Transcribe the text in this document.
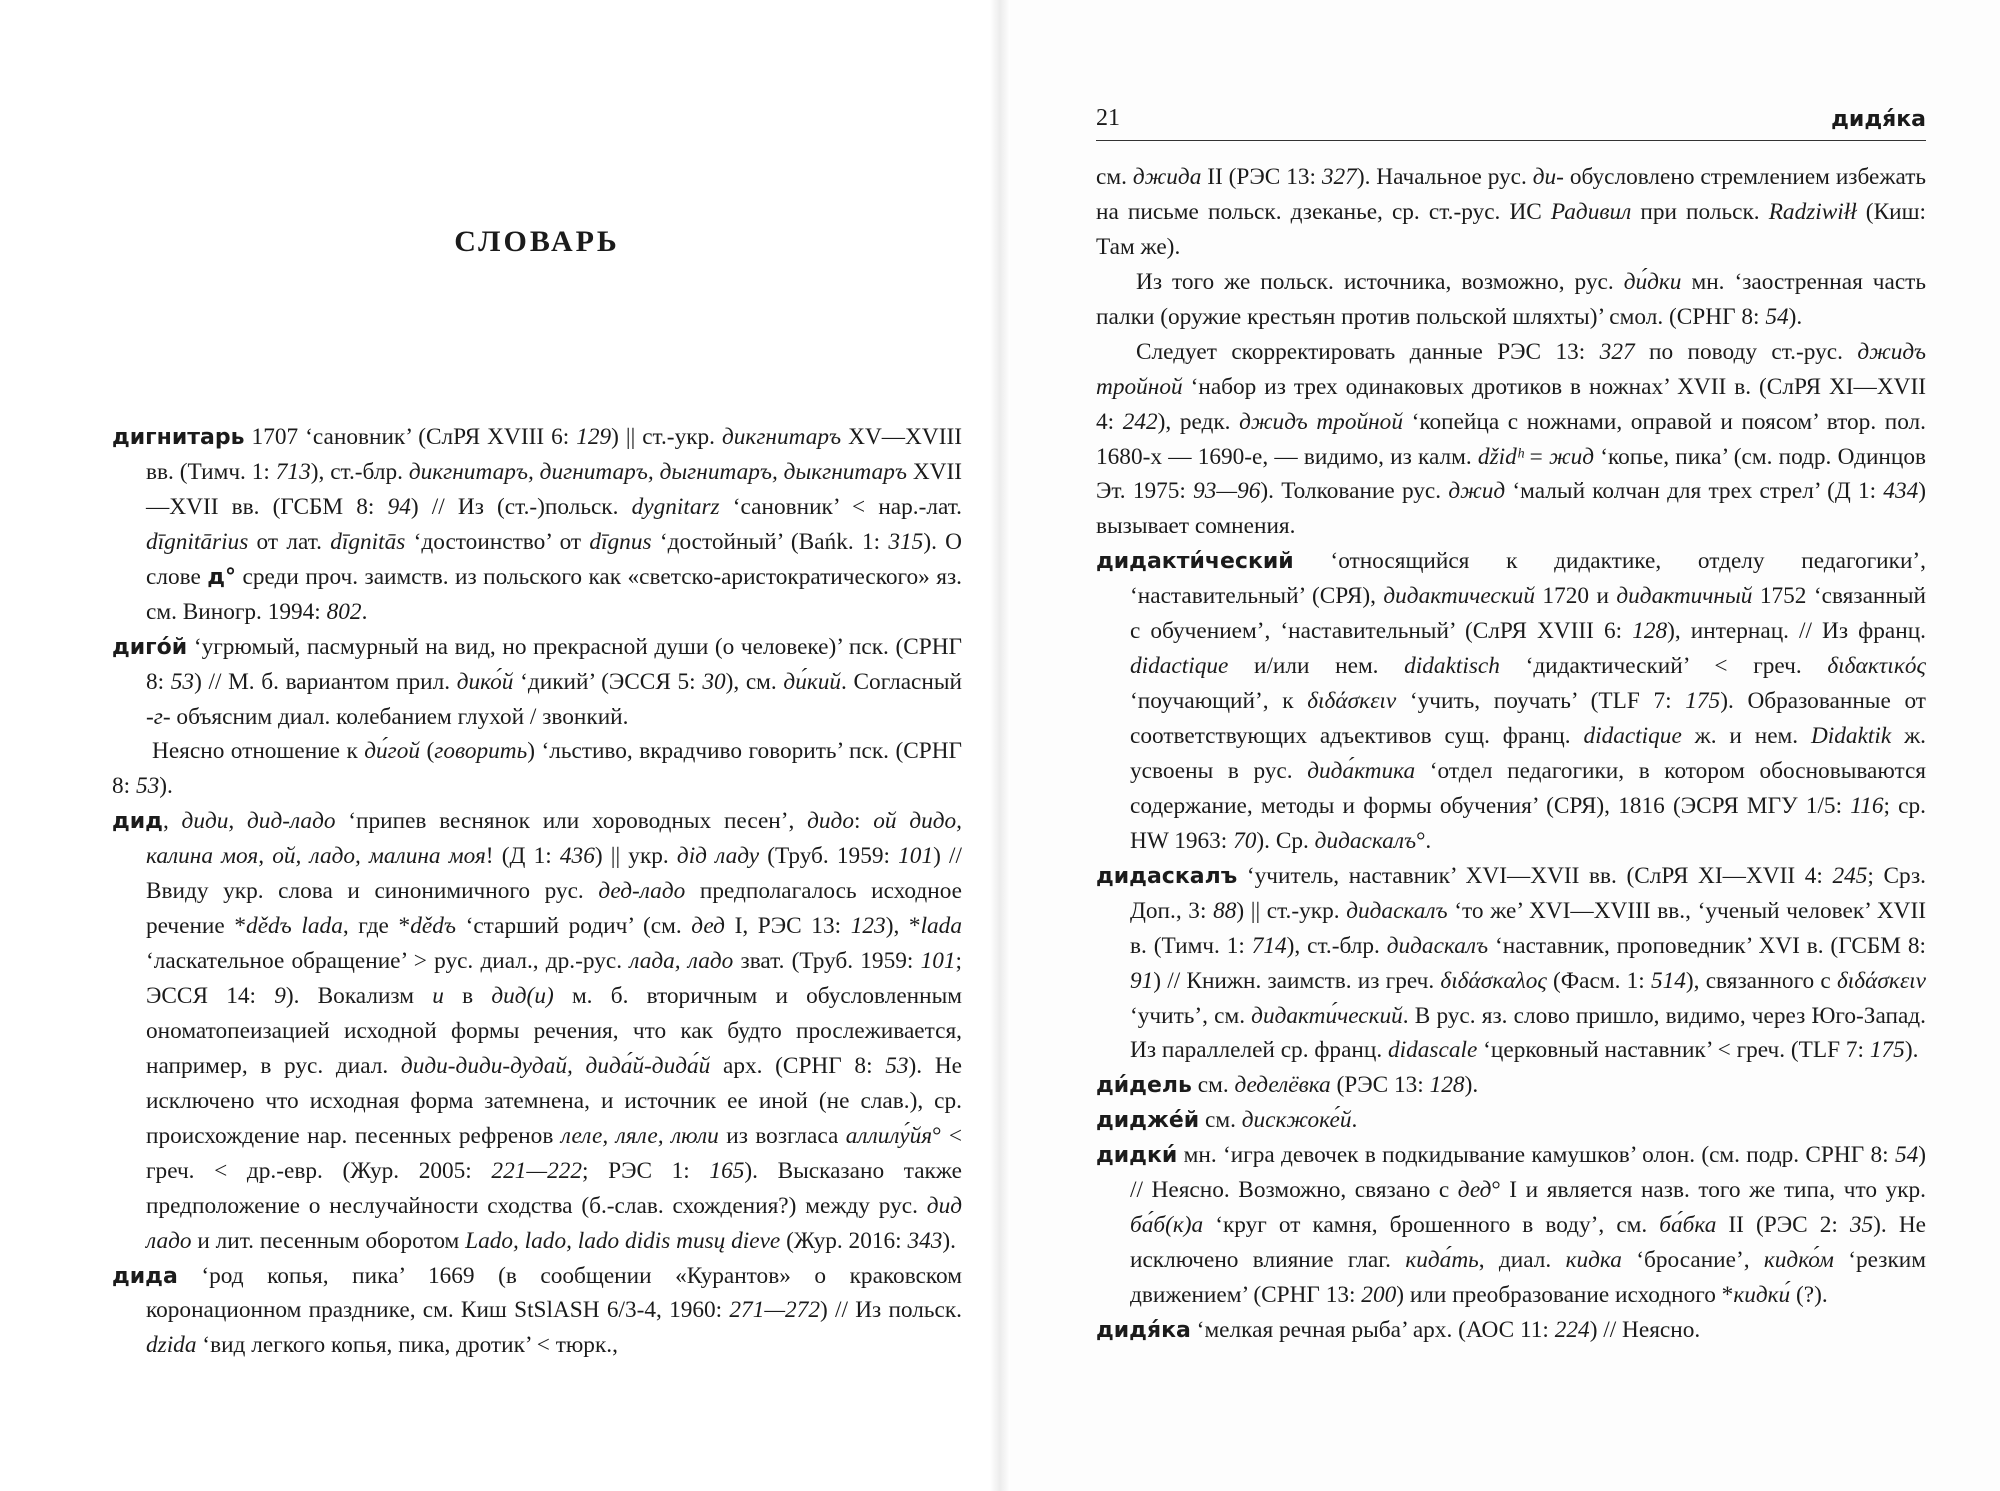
СЛОВАРЬ

дигнитарь 1707 ‘сановник’ (СлРЯ XVIII 6: 129) || ст.-укр. дикгнитаръ XV—XVIII вв. (Тимч. 1: 713), ст.-блр. дикгнитаръ, дигнитаръ, дыгнитаръ, дыкгнитаръ XVII—XVII вв. (ГСБМ 8: 94) // Из (ст.-)польск. dygnitarz ‘сановник’ < нар.-лат. dīgnitārius от лат. dīgnitās ‘достоинство’ от dīgnus ‘достойный’ (Bańk. 1: 315). О слове д° среди проч. заимств. из польского как «светско-аристократического» яз. см. Виногр. 1994: 802.

диго́й ‘угрюмый, пасмурный на вид, но прекрасной души (о человеке)’ пск. (СРНГ 8: 53) // М. б. вариантом прил. дико́й ‘дикий’ (ЭССЯ 5: 30), см. ди́кий. Согласный -г- объясним диал. колебанием глухой / звонкий.

Неясно отношение к ди́гой (говорить) ‘льстиво, вкрадчиво говорить’ пск. (СРНГ 8: 53).

дид, диди, дид-ладо ‘припев веснянок или хороводных песен’, дидо: ой дидо, калина моя, ой, ладо, малина моя! (Д 1: 436) || укр. дід ладу (Труб. 1959: 101) // Ввиду укр. слова и синонимичного рус. дед-ладо предполагалось исходное речение *dědъ lada, где *dědъ ‘старший родич’ (см. дед I, РЭС 13: 123), *lada ‘ласкательное обращение’ > рус. диал., др.-рус. лада, ладо зват. (Труб. 1959: 101; ЭССЯ 14: 9). Вокализм и в дид(и) м. б. вторичным и обусловленным ономатопеизацией исходной формы речения, что как будто прослеживается, например, в рус. диал. диди-диди-дудай, дида́й-дида́й арх. (СРНГ 8: 53). Не исключено что исходная форма затемнена, и источник ее иной (не слав.), ср. происхождение нар. песенных рефренов леле, ляле, люли из возгласа аллилу́йя° < греч. < др.-евр. (Жур. 2005: 221—222; РЭС 1: 165). Высказано также предположение о неслучайности сходства (б.-слав. схождения?) между рус. дид ладо и лит. песенным оборотом Lado, lado, lado didis musų dieve (Жур. 2016: 343).

дида ‘род копья, пика’ 1669 (в сообщении «Курантов» о краковском коронационном празднике, см. Киш StSlASH 6/3-4, 1960: 271—272) // Из польск. dzida ‘вид легкого копья, пика, дротик’ < тюрк.,

21	дидя́ка

см. джида II (РЭС 13: 327). Начальное рус. ди- обусловлено стремлением избежать на письме польск. дзеканье, ср. ст.-рус. ИС Радивил при польск. Radziwiłł (Киш: Там же).

Из того же польск. источника, возможно, рус. ди́дки мн. ‘заостренная часть палки (оружие крестьян против польской шляхты)’ смол. (СРНГ 8: 54).

Следует скорректировать данные РЭС 13: 327 по поводу ст.-рус. джидъ тройной ‘набор из трех одинаковых дротиков в ножнах’ XVII в. (СлРЯ XI—XVII 4: 242), редк. джидъ тройной ‘копейца с ножнами, оправой и поясом’ втор. пол. 1680-х — 1690-е, — видимо, из калм. džidʰ = жид ‘копье, пика’ (см. подр. Одинцов Эт. 1975: 93—96). Толкование рус. джид ‘малый колчан для трех стрел’ (Д 1: 434) вызывает сомнения.

дидакти́ческий ‘относящийся к дидактике, отделу педагогики’, ‘наставительный’ (СРЯ), дидактический 1720 и дидактичный 1752 ‘связанный с обучением’, ‘наставительный’ (СлРЯ XVIII 6: 128), интернац. // Из франц. didactique и/или нем. didaktisch ‘дидактический’ < греч. διδακτικός ‘поучающий’, к διδάσκειν ‘учить, поучать’ (TLF 7: 175). Образованные от соответствующих адъективов сущ. франц. didactique ж. и нем. Didaktik ж. усвоены в рус. дида́ктика ‘отдел педагогики, в котором обосновываются содержание, методы и формы обучения’ (СРЯ), 1816 (ЭСРЯ МГУ 1/5: 116; ср. HW 1963: 70). Ср. дидаскалъ°.

дидаскалъ ‘учитель, наставник’ XVI—XVII вв. (СлРЯ XI—XVII 4: 245; Срз. Доп., 3: 88) || ст.-укр. дидаскалъ ‘то же’ XVI—XVIII вв., ‘ученый человек’ XVII в. (Тимч. 1: 714), ст.-блр. дидаскалъ ‘наставник, проповедник’ XVI в. (ГСБМ 8: 91) // Книжн. заимств. из греч. διδάσκαλος (Фасм. 1: 514), связанного с διδάσκειν ‘учить’, см. дидакти́ческий. В рус. яз. слово пришло, видимо, через Юго-Запад. Из параллелей ср. франц. didascale ‘церковный наставник’ < греч. (TLF 7: 175).

ди́дель см. деделёвка (РЭС 13: 128).

дидже́й см. дискжоке́й.

дидки́ мн. ‘игра девочек в подкидывание камушков’ олон. (см. подр. СРНГ 8: 54) // Неясно. Возможно, связано с дед° I и является назв. того же типа, что укр. ба́б(к)а ‘круг от камня, брошенного в воду’, см. ба́бка II (РЭС 2: 35). Не исключено влияние глаг. кида́ть, диал. кидка ‘бросание’, кидко́м ‘резким движением’ (СРНГ 13: 200) или преобразование исходного *кидки́ (?).

дидя́ка ‘мелкая речная рыба’ арх. (АОС 11: 224) // Неясно.
